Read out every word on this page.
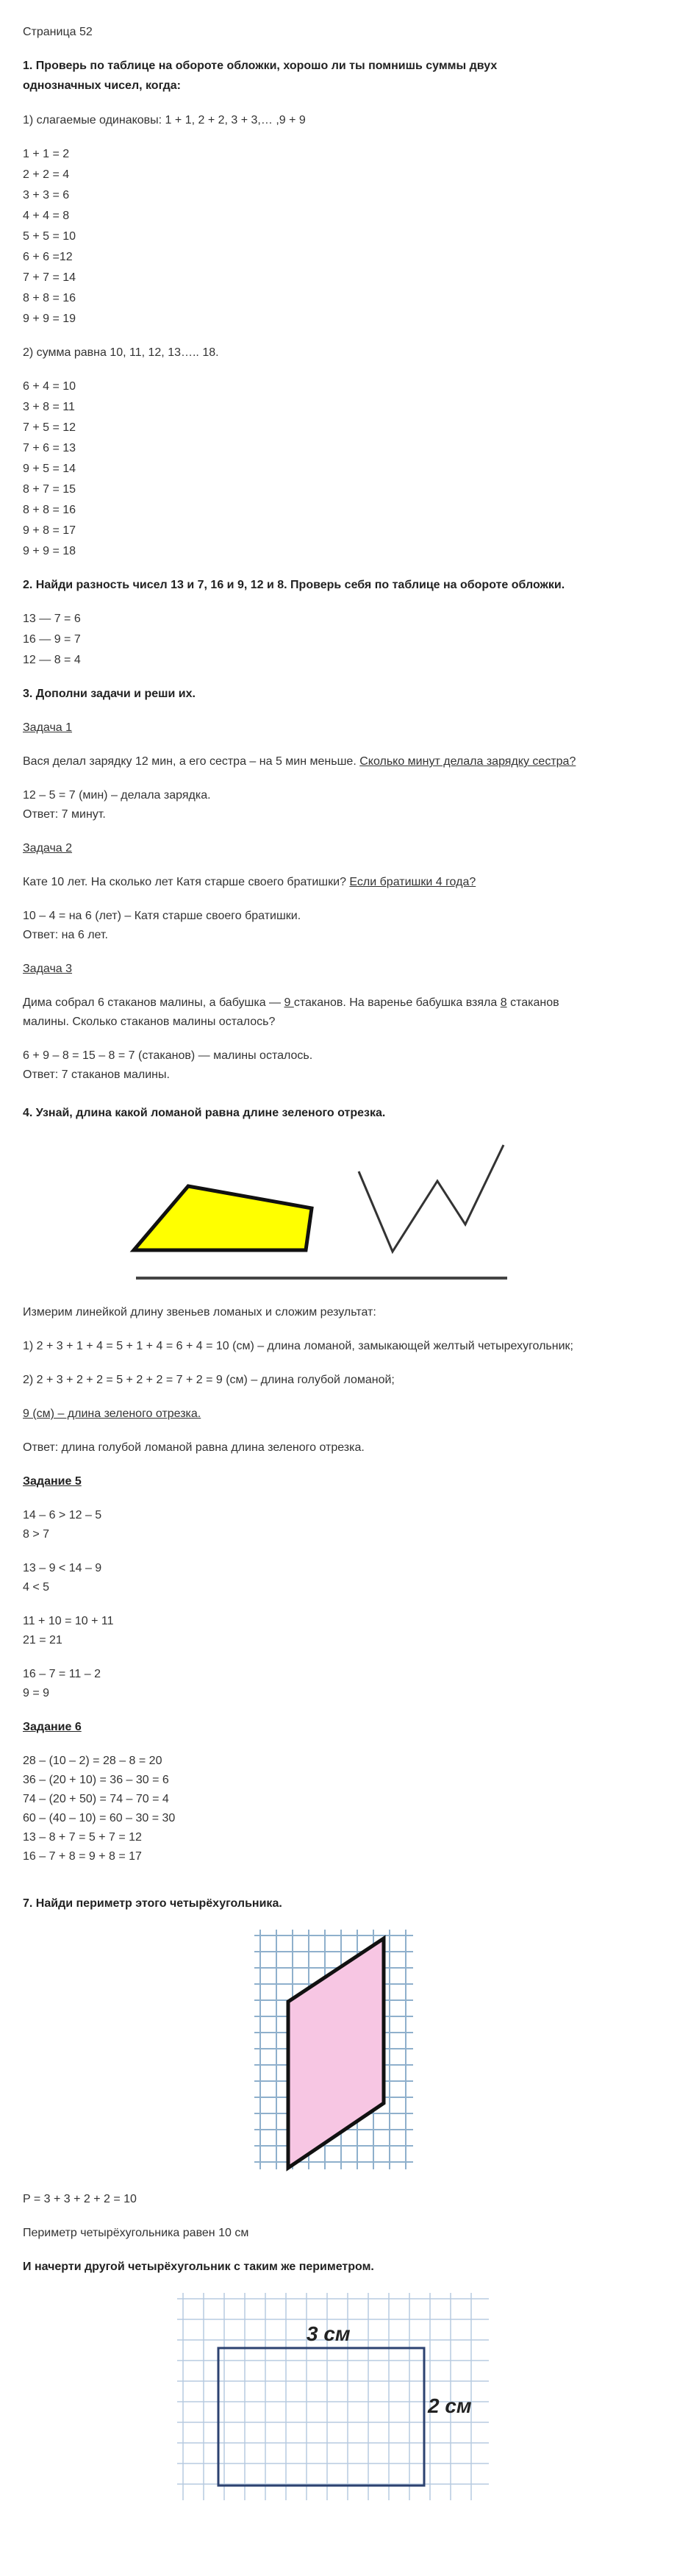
Страница 52

1. Проверь по таблице на обороте обложки, хорошо ли ты помнишь суммы двух

однозначных чисел, когда:

1) слагаемые одинаковы: 1 + 1, 2 + 2, 3 + 3,… ,9 + 9

1 + 1 = 2

2 + 2 = 4

3 + 3 = 6

4 + 4 = 8

5 + 5 = 10

6 + 6 =12

7 + 7 = 14

8 + 8 = 16

9 + 9 = 19

2) сумма равна 10, 11, 12, 13….. 18.

6 + 4 = 10

3 + 8 = 11

7 + 5 = 12

7 + 6 = 13

9 + 5 = 14

8 + 7 = 15

8 + 8 = 16

9 + 8 = 17

9 + 9 = 18

2. Найди разность чисел 13 и 7, 16 и 9, 12 и 8. Проверь себя по таблице на обороте обложки.

13 — 7 = 6

16 — 9 = 7

12 — 8 = 4

3. Дополни задачи и реши их.

Задача 1

Вася делал зарядку 12 мин, а его сестра – на 5 мин меньше. Сколько минут делала зарядку сестра?

12 – 5 = 7 (мин) – делала зарядка.

Ответ: 7 минут.

Задача 2

Кате 10 лет. На сколько лет Катя старше своего братишки? Если братишки 4 года?

10 – 4 = на 6 (лет) – Катя старше своего братишки.

Ответ: на 6 лет.

Задача 3

Дима собрал 6 стаканов малины, а бабушка — 9 стаканов. На варенье бабушка взяла 8 стаканов

малины. Сколько стаканов малины осталось?

6 + 9 – 8 = 15 – 8 = 7 (стаканов) — малины осталось.

Ответ: 7 стаканов малины.

4. Узнай, длина какой ломаной равна длине зеленого отрезка.

Измерим линейкой длину звеньев ломаных и сложим результат:

1) 2 + 3 + 1 + 4 = 5 + 1 + 4 = 6 + 4 = 10 (см) – длина ломаной, замыкающей желтый четырехугольник;

2) 2 + 3 + 2 + 2 = 5 + 2 + 2 = 7 + 2 = 9 (см) – длина голубой ломаной;

9 (см) – длина зеленого отрезка.

Ответ: длина голубой ломаной равна длина зеленого отрезка.

Задание 5

14 – 6 > 12 – 5

8 > 7

13 – 9 < 14 – 9

4 < 5

11 + 10 = 10 + 11

21 = 21

16 – 7 = 11 – 2

9 = 9

Задание 6

28 – (10 – 2) = 28 – 8 = 20

36 – (20 + 10) = 36 – 30 = 6

74 – (20 + 50) = 74 – 70 = 4

60 – (40 – 10) = 60 – 30 = 30

13 – 8 + 7 = 5 + 7 = 12

16 – 7 + 8 = 9 + 8 = 17

7. Найди периметр этого четырёхугольника.

P = 3 + 3 + 2 + 2 = 10

Периметр четырёхугольника равен 10 см

И начерти другой четырёхугольник с таким же периметром.

3 см
2 см
